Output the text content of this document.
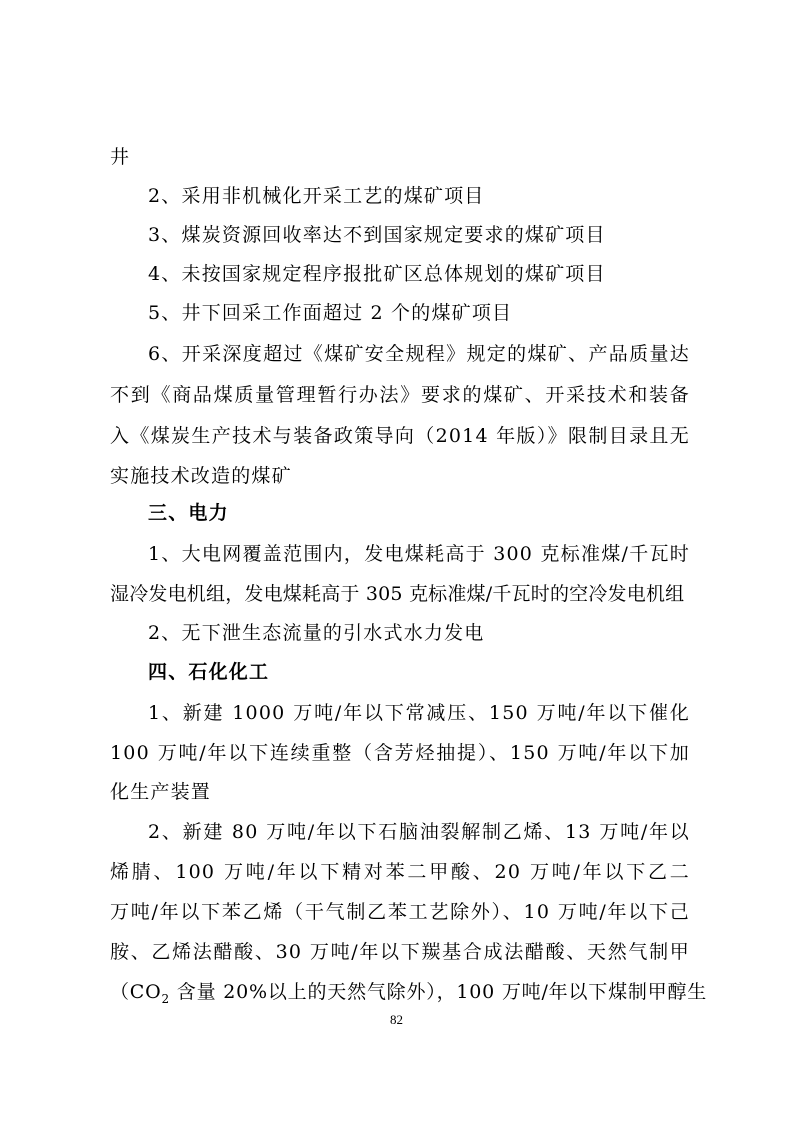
井
2、采用非机械化开采工艺的煤矿项目
3、煤炭资源回收率达不到国家规定要求的煤矿项目
4、未按国家规定程序报批矿区总体规划的煤矿项目
5、井下回采工作面超过 2 个的煤矿项目
6、开采深度超过《煤矿安全规程》规定的煤矿、产品质量达
不到《商品煤质量管理暂行办法》要求的煤矿、开采技术和装备
入《煤炭生产技术与装备政策导向（2014 年版）》限制目录且无
实施技术改造的煤矿
三、电力
1、大电网覆盖范围内，发电煤耗高于 300 克标准煤/千瓦时
湿冷发电机组，发电煤耗高于 305 克标准煤/千瓦时的空冷发电机组
2、无下泄生态流量的引水式水力发电
四、石化化工
1、新建 1000 万吨/年以下常减压、150 万吨/年以下催化
100 万吨/年以下连续重整（含芳烃抽提）、150 万吨/年以下加
化生产装置
2、新建 80 万吨/年以下石脑油裂解制乙烯、13 万吨/年以
烯腈、100 万吨/年以下精对苯二甲酸、20 万吨/年以下乙二
万吨/年以下苯乙烯（干气制乙苯工艺除外）、10 万吨/年以下己
胺、乙烯法醋酸、30 万吨/年以下羰基合成法醋酸、天然气制甲
（$CO_2$ 含量 20%以上的天然气除外），100 万吨/年以下煤制甲醇生
82
